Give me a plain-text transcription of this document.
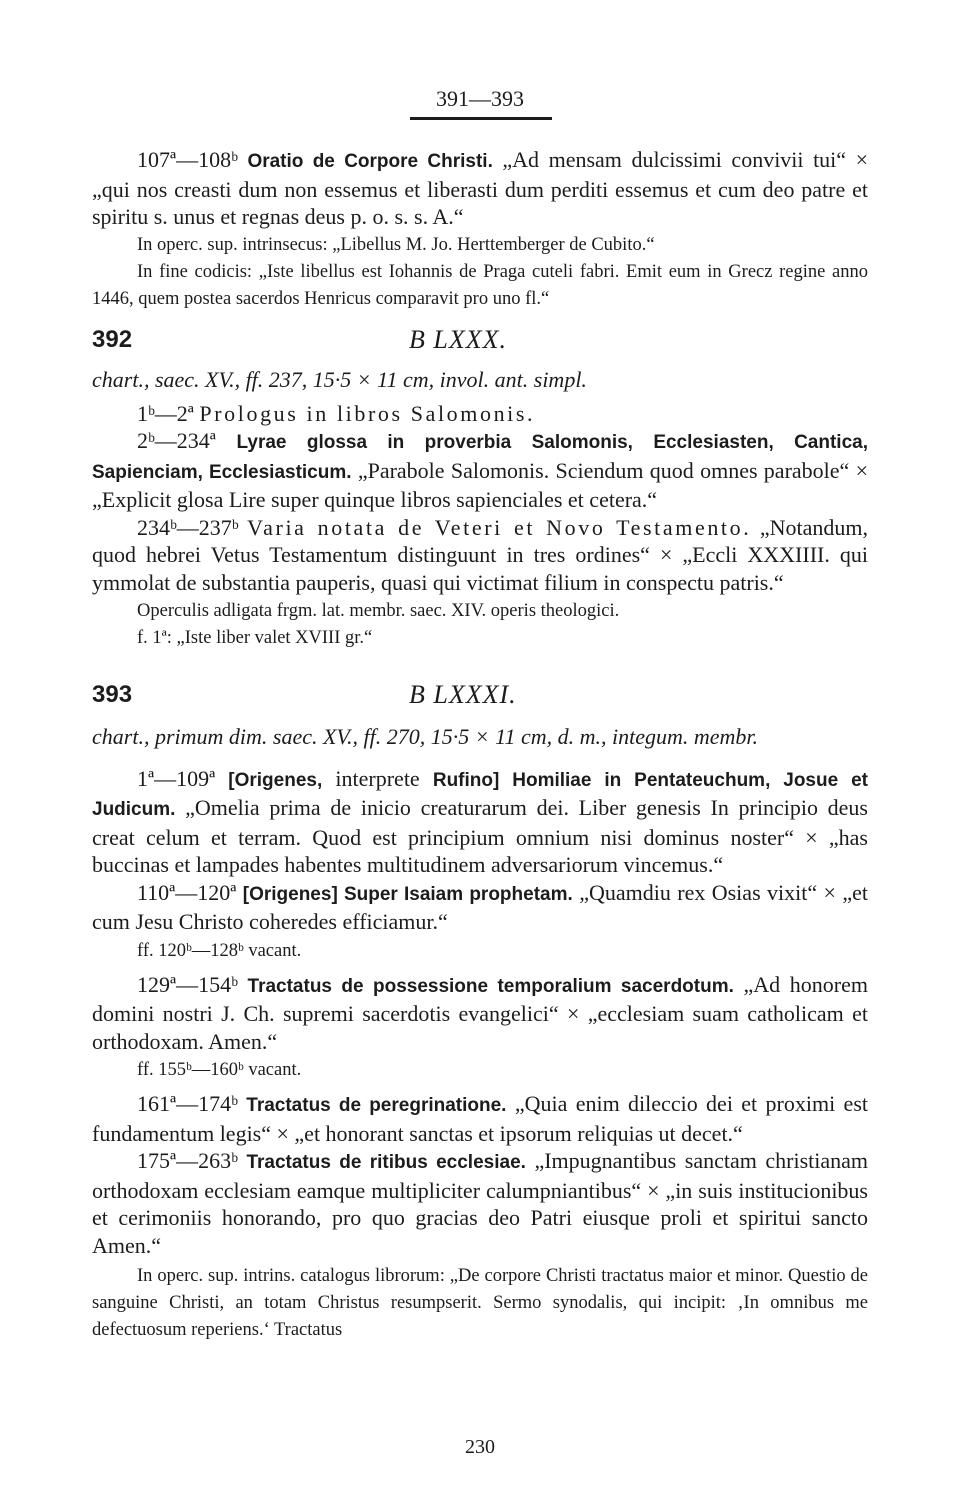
391—393

107ª—108ᵇ Oratio de Corpore Christi. „Ad mensam dulcissimi convivii tui“ × „qui nos creasti dum non essemus et liberasti dum perditi essemus et cum deo patre et spiritu s. unus et regnas deus p. o. s. s. A.“

In operc. sup. intrinsecus: „Libellus M. Jo. Herttemberger de Cubito.“

In fine codicis: „Iste libellus est Iohannis de Praga cuteli fabri. Emit eum in Grecz regine anno 1446, quem postea sacerdos Henricus comparavit pro uno fl.“

392	B LXXX.

chart., saec. XV., ff. 237, 15·5 × 11 cm, invol. ant. simpl.

1ᵇ—2ª Prologus in libros Salomonis.

2ᵇ—234ª Lyrae glossa in proverbia Salomonis, Ecclesiasten, Cantica, Sapienciam, Ecclesiasticum. „Parabole Salomonis. Sciendum quod omnes parabole“ × „Explicit glosa Lire super quinque libros sapienciales et cetera.“

234ᵇ—237ᵇ Varia notata de Veteri et Novo Testamento. „Notandum, quod hebrei Vetus Testamentum distinguunt in tres ordines“ × „Eccli XXXIIII. qui ymmolat de substantia pauperis, quasi qui victimat filium in conspectu patris.“

Operculis adligata frgm. lat. membr. saec. XIV. operis theologici.

f. 1ª: „Iste liber valet XVIII gr.“

393	B LXXXI.

chart., primum dim. saec. XV., ff. 270, 15·5 × 11 cm, d. m., integum. membr.

1ª—109ª [Origenes, interprete Rufino] Homiliae in Pentateuchum, Josue et Judicum. „Omelia prima de inicio creaturarum dei. Liber genesis In principio deus creat celum et terram. Quod est principium omnium nisi dominus noster“ × „has buccinas et lampades habentes multitudinem adversariorum vincemus.“

110ª—120ª [Origenes] Super Isaiam prophetam. „Quamdiu rex Osias vixit“ × „et cum Jesu Christo coheredes efficiamur.“

ff. 120ᵇ—128ᵇ vacant.

129ª—154ᵇ Tractatus de possessione temporalium sacerdotum. „Ad honorem domini nostri J. Ch. supremi sacerdotis evangelici“ × „ecclesiam suam catholicam et orthodoxam. Amen.“

ff. 155ᵇ—160ᵇ vacant.

161ª—174ᵇ Tractatus de peregrinatione. „Quia enim dileccio dei et proximi est fundamentum legis“ × „et honorant sanctas et ipsorum reliquias ut decet.“

175ª—263ᵇ Tractatus de ritibus ecclesiae. „Impugnantibus sanctam christianam orthodoxam ecclesiam eamque multipliciter calumpniantibus“ × „in suis institucionibus et cerimoniis honorando, pro quo gracias deo Patri eiusque proli et spiritui sancto Amen.“

In operc. sup. intrins. catalogus librorum: „De corpore Christi tractatus maior et minor. Questio de sanguine Christi, an totam Christus resumpserit. Sermo synodalis, qui incipit: ‚In omnibus me defectuosum reperiens.‘ Tractatus

230
